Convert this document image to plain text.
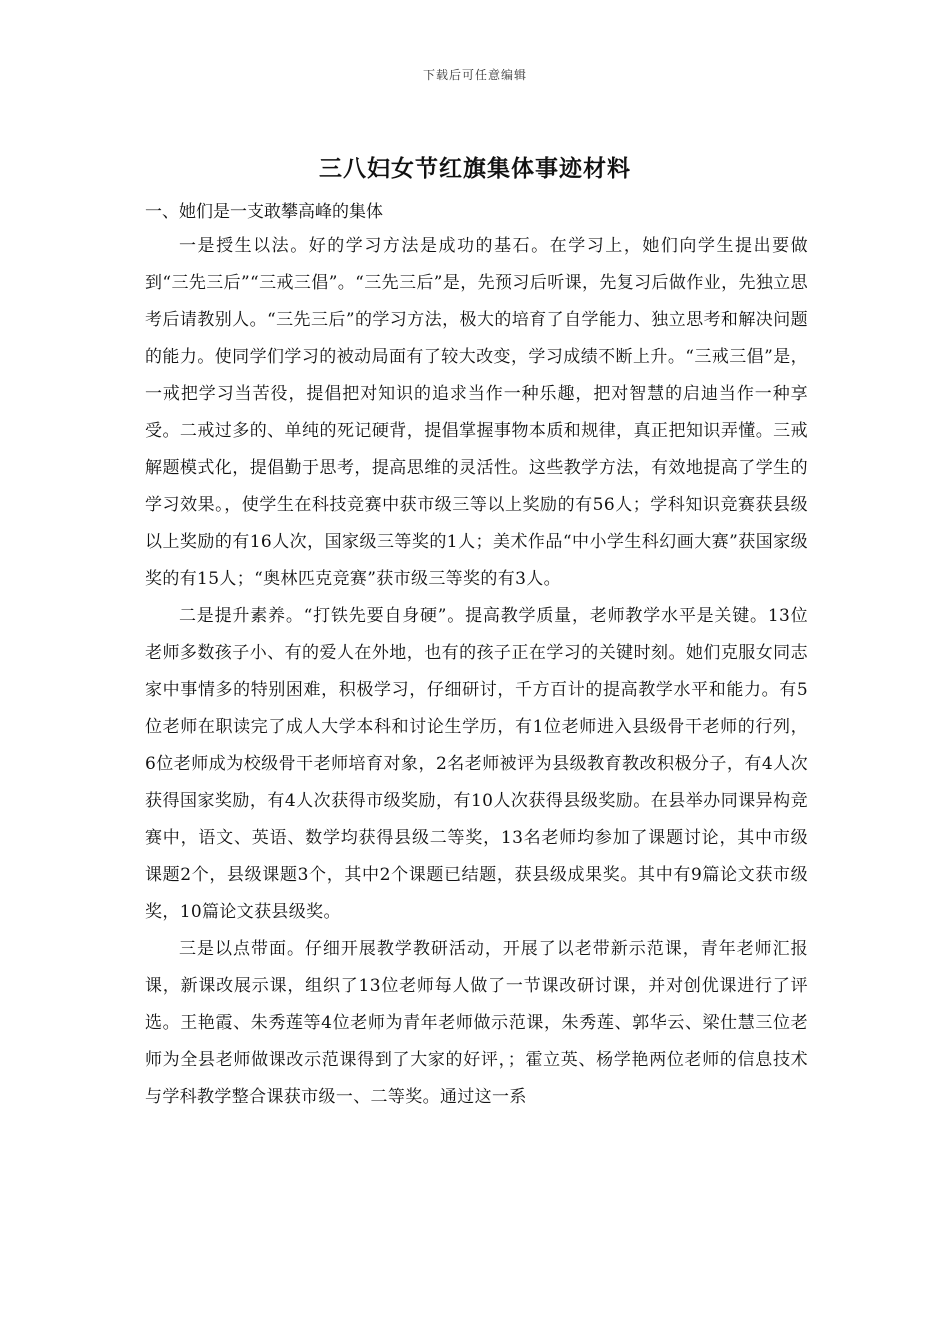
下载后可任意编辑
三八妇女节红旗集体事迹材料

一、她们是一支敢攀高峰的集体

一是授生以法。好的学习方法是成功的基石。在学习上，她们向学生提出要做到“三先三后”“三戒三倡”。“三先三后”是，先预习后听课，先复习后做作业，先独立思考后请教别人。“三先三后”的学习方法，极大的培育了自学能力、独立思考和解决问题的能力。使同学们学习的被动局面有了较大改变，学习成绩不断上升。“三戒三倡”是，一戒把学习当苦役，提倡把对知识的追求当作一种乐趣，把对智慧的启迪当作一种享受。二戒过多的、单纯的死记硬背，提倡掌握事物本质和规律，真正把知识弄懂。三戒解题模式化，提倡勤于思考，提高思维的灵活性。这些教学方法，有效地提高了学生的学习效果。，使学生在科技竞赛中获市级三等以上奖励的有56人；学科知识竞赛获县级以上奖励的有16人次，国家级三等奖的1人；美术作品“中小学生科幻画大赛”获国家级奖的有15人；“奥林匹克竞赛”获市级三等奖的有3人。

二是提升素养。“打铁先要自身硬”。提高教学质量，老师教学水平是关键。13位老师多数孩子小、有的爱人在外地，也有的孩子正在学习的关键时刻。她们克服女同志家中事情多的特别困难，积极学习，仔细研讨，千方百计的提高教学水平和能力。有5位老师在职读完了成人大学本科和讨论生学历，有1位老师进入县级骨干老师的行列，6位老师成为校级骨干老师培育对象，2名老师被评为县级教育教改积极分子，有4人次获得国家奖励，有4人次获得市级奖励，有10人次获得县级奖励。在县举办同课异构竞赛中，语文、英语、数学均获得县级二等奖，13名老师均参加了课题讨论，其中市级课题2个，县级课题3个，其中2个课题已结题，获县级成果奖。其中有9篇论文获市级奖，10篇论文获县级奖。

三是以点带面。仔细开展教学教研活动，开展了以老带新示范课，青年老师汇报课，新课改展示课，组织了13位老师每人做了一节课改研讨课，并对创优课进行了评选。王艳霞、朱秀莲等4位老师为青年老师做示范课，朱秀莲、郭华云、梁仕慧三位老师为全县老师做课改示范课得到了大家的好评，；霍立英、杨学艳两位老师的信息技术与学科教学整合课获市级一、二等奖。通过这一系
